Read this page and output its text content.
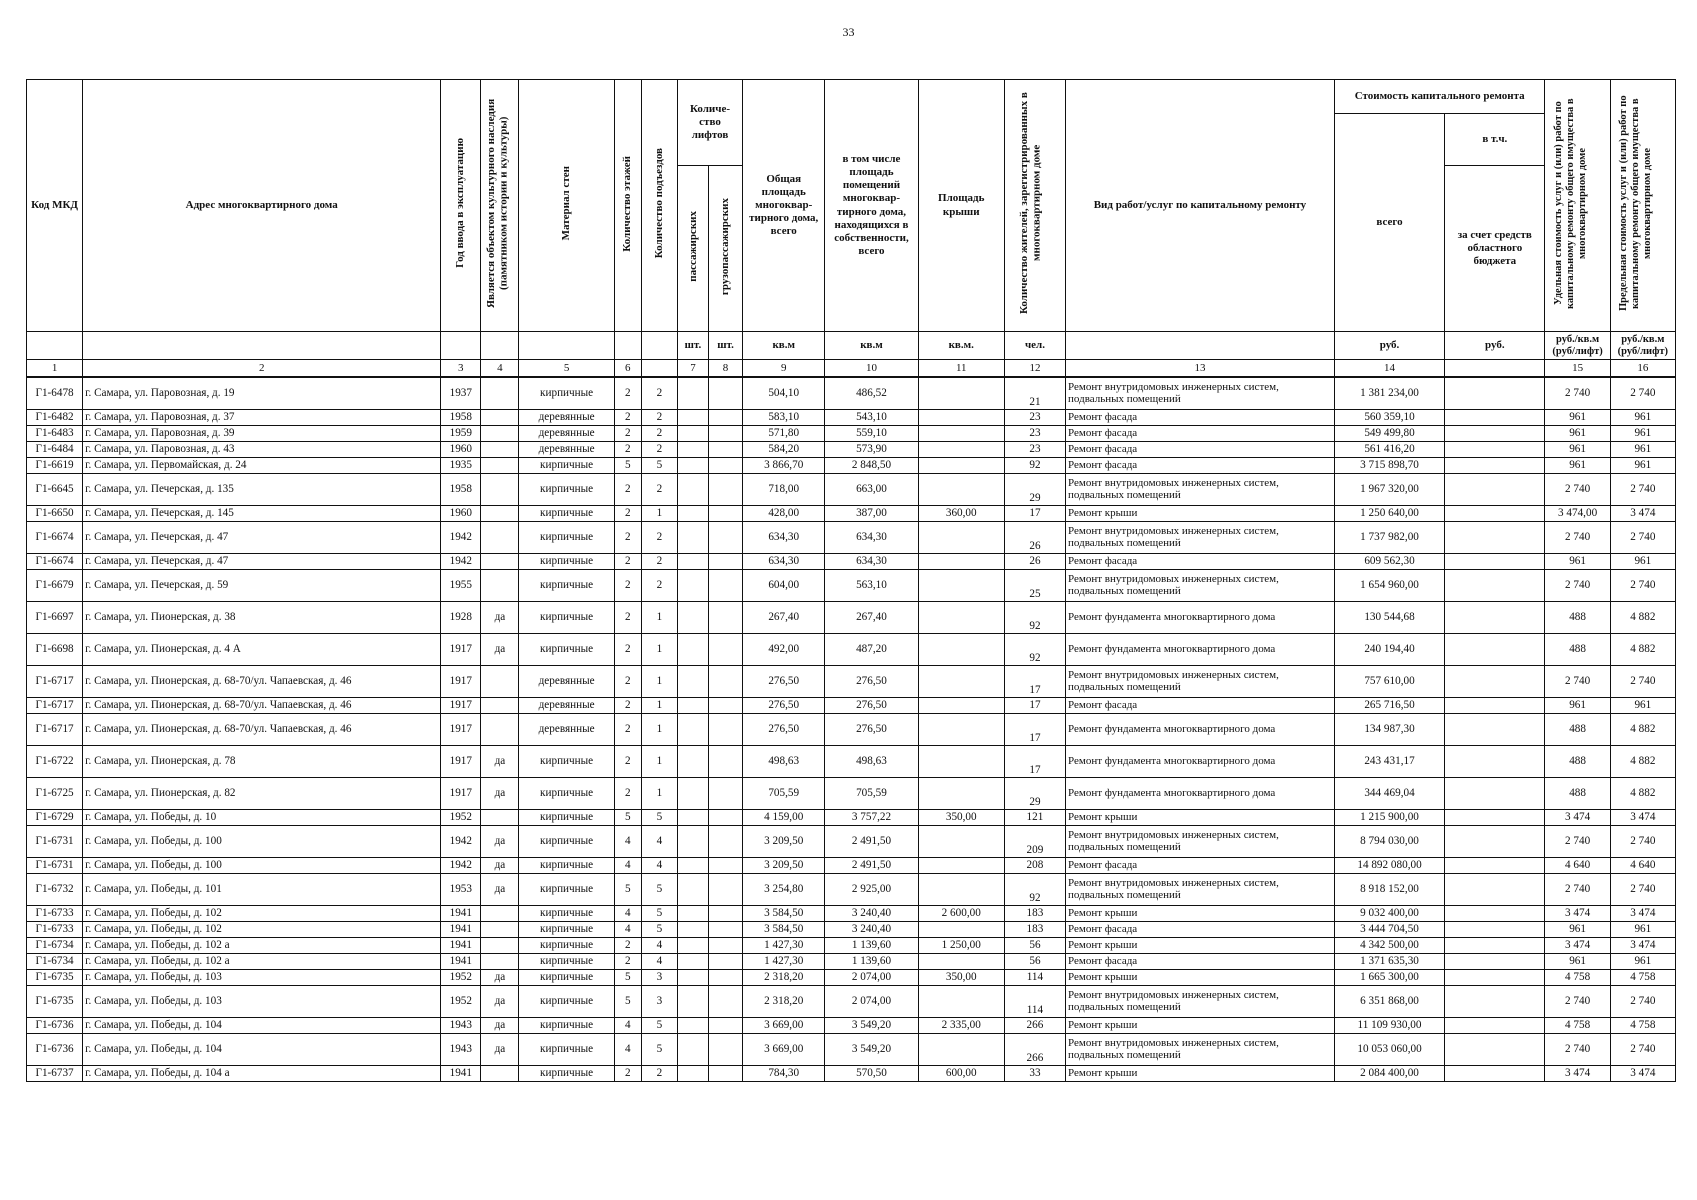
33
Код МКД	Адрес многоквартирного дома	Год ввода в эксплуатацию	Является объектом культурного наследия (памятником истории и культуры)	Материал стен	Количество этажей	Количество подъездов	Количе-ство лифтов		Общая площадь многоквар-тирного дома, всего	в том числе площадь помещений многоквар-тирного дома, находящихся в собственности, всего	Площадь крыши	Количество жителей, зарегистрированных в многоквартирном доме	Вид работ/услуг по капитальному ремонту	Стоимость капитального ремонта		Удельная стоимость услуг и (или) работ по капитальному ремонту общего имущества в многоквартирном доме	Предельная стоимость услуг и (или) работ по капитальному ремонту общего имущества в многоквартирном доме
														всего	в т.ч.		
							пассажирских	грузопассажирских							за счет средств областного бюджета		
							шт.	шт.	кв.м	кв.м	кв.м.	чел.		руб.	руб.	руб./кв.м (руб/лифт)	руб./кв.м (руб/лифт)
1	2	3	4	5	6		7	8	9	10	11	12	13	14		15	16
Г1-6478	г. Самара, ул. Паровозная, д. 19	1937		кирпичные	2	2			504,10	486,52		21	Ремонт внутридомовых инженерных систем, подвальных помещений	1 381 234,00		2 740	2 740
Г1-6482	г. Самара, ул. Паровозная, д. 37	1958		деревянные	2	2			583,10	543,10		23	Ремонт фасада	560 359,10		961	961
Г1-6483	г. Самара, ул. Паровозная, д. 39	1959		деревянные	2	2			571,80	559,10		23	Ремонт фасада	549 499,80		961	961
Г1-6484	г. Самара, ул. Паровозная, д. 43	1960		деревянные	2	2			584,20	573,90		23	Ремонт фасада	561 416,20		961	961
Г1-6619	г. Самара, ул. Первомайская, д. 24	1935		кирпичные	5	5			3 866,70	2 848,50		92	Ремонт фасада	3 715 898,70		961	961
Г1-6645	г. Самара, ул. Печерская, д. 135	1958		кирпичные	2	2			718,00	663,00		29	Ремонт внутридомовых инженерных систем, подвальных помещений	1 967 320,00		2 740	2 740
Г1-6650	г. Самара, ул. Печерская, д. 145	1960		кирпичные	2	1			428,00	387,00	360,00	17	Ремонт крыши	1 250 640,00		3 474,00	3 474
Г1-6674	г. Самара, ул. Печерская, д. 47	1942		кирпичные	2	2			634,30	634,30		26	Ремонт внутридомовых инженерных систем, подвальных помещений	1 737 982,00		2 740	2 740
Г1-6674	г. Самара, ул. Печерская, д. 47	1942		кирпичные	2	2			634,30	634,30		26	Ремонт фасада	609 562,30		961	961
Г1-6679	г. Самара, ул. Печерская, д. 59	1955		кирпичные	2	2			604,00	563,10		25	Ремонт внутридомовых инженерных систем, подвальных помещений	1 654 960,00		2 740	2 740
Г1-6697	г. Самара, ул. Пионерская, д. 38	1928	да	кирпичные	2	1			267,40	267,40		92	Ремонт фундамента многоквартирного дома	130 544,68		488	4 882
Г1-6698	г. Самара, ул. Пионерская, д. 4 А	1917	да	кирпичные	2	1			492,00	487,20		92	Ремонт фундамента многоквартирного дома	240 194,40		488	4 882
Г1-6717	г. Самара, ул. Пионерская, д. 68-70/ул. Чапаевская, д. 46	1917		деревянные	2	1			276,50	276,50		17	Ремонт внутридомовых инженерных систем, подвальных помещений	757 610,00		2 740	2 740
Г1-6717	г. Самара, ул. Пионерская, д. 68-70/ул. Чапаевская, д. 46	1917		деревянные	2	1			276,50	276,50		17	Ремонт фасада	265 716,50		961	961
Г1-6717	г. Самара, ул. Пионерская, д. 68-70/ул. Чапаевская, д. 46	1917		деревянные	2	1			276,50	276,50		17	Ремонт фундамента многоквартирного дома	134 987,30		488	4 882
Г1-6722	г. Самара, ул. Пионерская, д. 78	1917	да	кирпичные	2	1			498,63	498,63		17	Ремонт фундамента многоквартирного дома	243 431,17		488	4 882
Г1-6725	г. Самара, ул. Пионерская, д. 82	1917	да	кирпичные	2	1			705,59	705,59		29	Ремонт фундамента многоквартирного дома	344 469,04		488	4 882
Г1-6729	г. Самара, ул. Победы, д. 10	1952		кирпичные	5	5			4 159,00	3 757,22	350,00	121	Ремонт крыши	1 215 900,00		3 474	3 474
Г1-6731	г. Самара, ул. Победы, д. 100	1942	да	кирпичные	4	4			3 209,50	2 491,50		209	Ремонт внутридомовых инженерных систем, подвальных помещений	8 794 030,00		2 740	2 740
Г1-6731	г. Самара, ул. Победы, д. 100	1942	да	кирпичные	4	4			3 209,50	2 491,50		208	Ремонт фасада	14 892 080,00		4 640	4 640
Г1-6732	г. Самара, ул. Победы, д. 101	1953	да	кирпичные	5	5			3 254,80	2 925,00		92	Ремонт внутридомовых инженерных систем, подвальных помещений	8 918 152,00		2 740	2 740
Г1-6733	г. Самара, ул. Победы, д. 102	1941		кирпичные	4	5			3 584,50	3 240,40	2 600,00	183	Ремонт крыши	9 032 400,00		3 474	3 474
Г1-6733	г. Самара, ул. Победы, д. 102	1941		кирпичные	4	5			3 584,50	3 240,40		183	Ремонт фасада	3 444 704,50		961	961
Г1-6734	г. Самара, ул. Победы, д. 102 а	1941		кирпичные	2	4			1 427,30	1 139,60	1 250,00	56	Ремонт крыши	4 342 500,00		3 474	3 474
Г1-6734	г. Самара, ул. Победы, д. 102 а	1941		кирпичные	2	4			1 427,30	1 139,60		56	Ремонт фасада	1 371 635,30		961	961
Г1-6735	г. Самара, ул. Победы, д. 103	1952	да	кирпичные	5	3			2 318,20	2 074,00	350,00	114	Ремонт крыши	1 665 300,00		4 758	4 758
Г1-6735	г. Самара, ул. Победы, д. 103	1952	да	кирпичные	5	3			2 318,20	2 074,00		114	Ремонт внутридомовых инженерных систем, подвальных помещений	6 351 868,00		2 740	2 740
Г1-6736	г. Самара, ул. Победы, д. 104	1943	да	кирпичные	4	5			3 669,00	3 549,20	2 335,00	266	Ремонт крыши	11 109 930,00		4 758	4 758
Г1-6736	г. Самара, ул. Победы, д. 104	1943	да	кирпичные	4	5			3 669,00	3 549,20		266	Ремонт внутридомовых инженерных систем, подвальных помещений	10 053 060,00		2 740	2 740
Г1-6737	г. Самара, ул. Победы, д. 104 а	1941		кирпичные	2	2			784,30	570,50	600,00	33	Ремонт крыши	2 084 400,00		3 474	3 474
